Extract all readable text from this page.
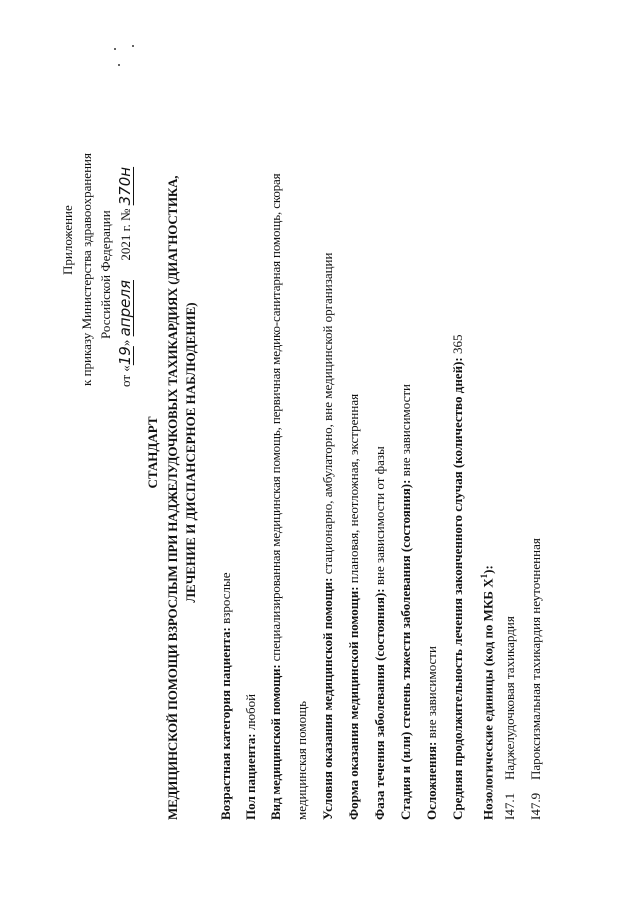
Приложение к приказу Министерства здравоохранения Российской Федерации
от «19» апреля   2021 г. № 370н
СТАНДАРТ МЕДИЦИНСКОЙ ПОМОЩИ ВЗРОСЛЫМ ПРИ НАДЖЕЛУДОЧКОВЫХ ТАХИКАРДИЯХ (ДИАГНОСТИКА, ЛЕЧЕНИЕ И ДИСПАНСЕРНОЕ НАБЛЮДЕНИЕ)
Возрастная категория пациента: взрослые
Пол пациента: любой Вид медицинской помощи: специализированная медицинская помощь, первичная медико-санитарная помощь, скорая
медицинская помощь Условия оказания медицинской помощи: стационарно, амбулаторно, вне медицинской организации
Форма оказания медицинской помощи: плановая, неотложная, экстренная
Фаза течения заболевания (состояния): вне зависимости от фазы Стадия и (или) степень тяжести заболевания (состояния): вне зависимости
Осложнения: вне зависимости Средняя продолжительность лечения законченного случая (количество дней): 365
Нозологические единицы (код по МКБ $X^1$):
I47.1Наджелудочковая тахикардия
I47.9Пароксизмальная тахикардия неуточненная
